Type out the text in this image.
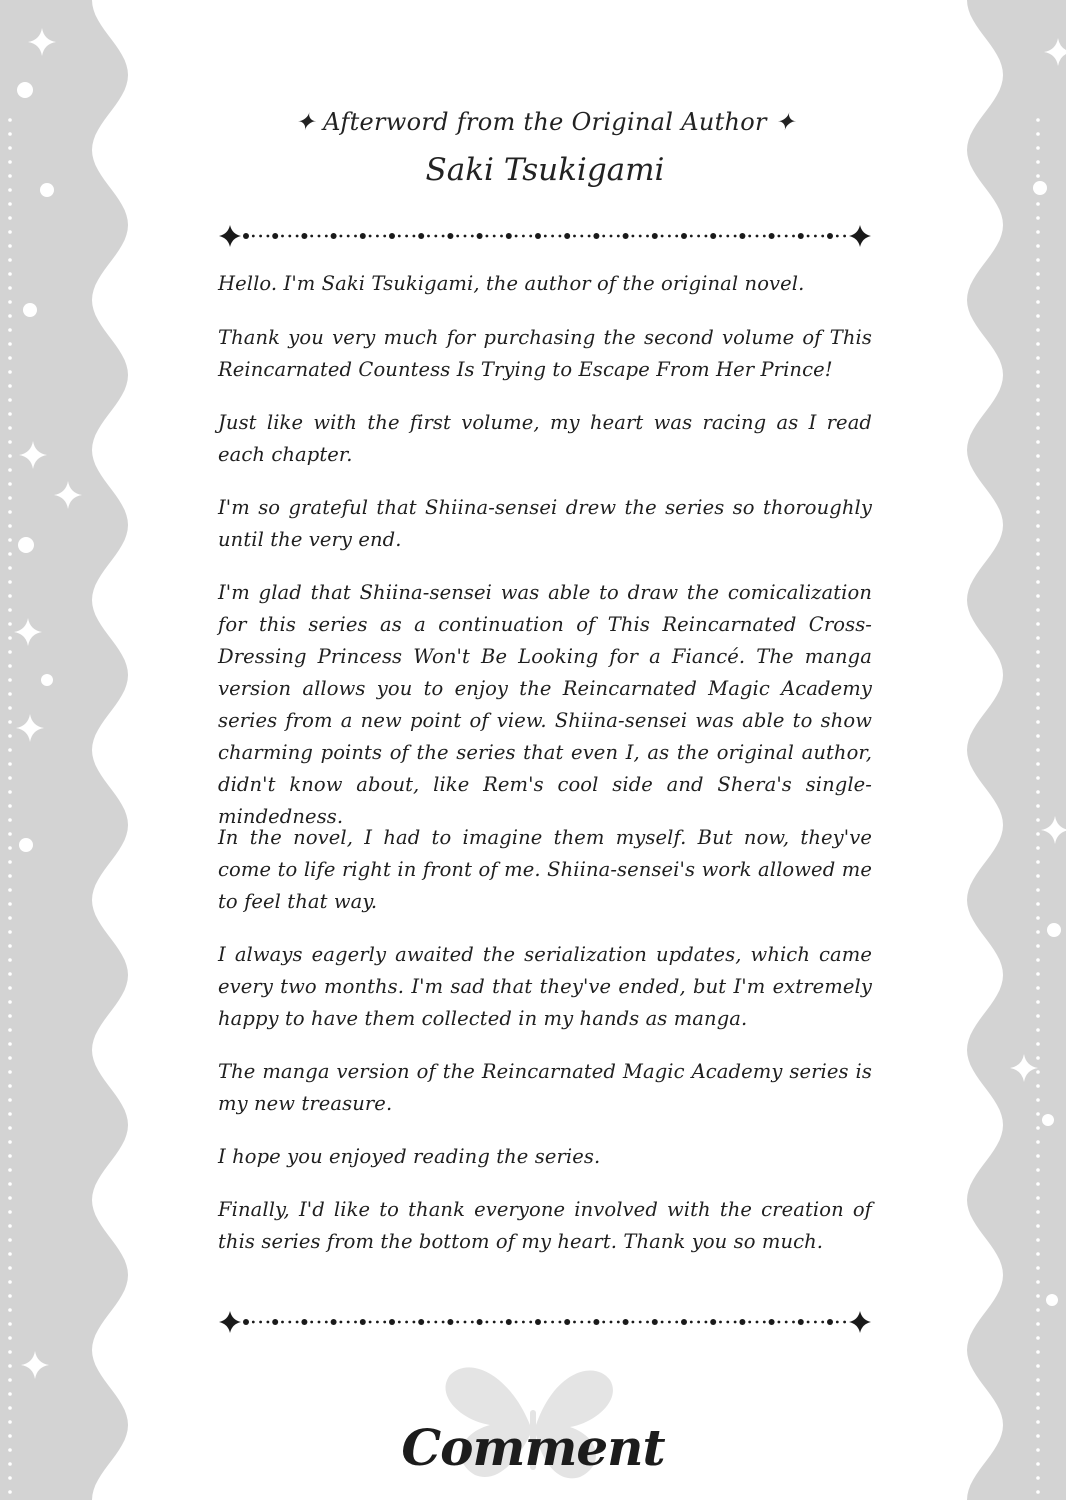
✦ Afterword from the Original Author ✦
Saki Tsukigami

Hello. I'm Saki Tsukigami, the author of the original novel.

Thank you very much for purchasing the second volume of This Reincarnated Countess Is Trying to Escape From Her Prince!

Just like with the first volume, my heart was racing as I read each chapter.

I'm so grateful that Shiina-sensei drew the series so thoroughly until the very end.

I'm glad that Shiina-sensei was able to draw the comicalization for this series as a continuation of This Reincarnated Cross-Dressing Princess Won't Be Looking for a Fiancé. The manga version allows you to enjoy the Reincarnated Magic Academy series from a new point of view. Shiina-sensei was able to show charming points of the series that even I, as the original author, didn't know about, like Rem's cool side and Shera's single-mindedness.

In the novel, I had to imagine them myself. But now, they've come to life right in front of me. Shiina-sensei's work allowed me to feel that way.

I always eagerly awaited the serialization updates, which came every two months. I'm sad that they've ended, but I'm extremely happy to have them collected in my hands as manga.

The manga version of the Reincarnated Magic Academy series is my new treasure.

I hope you enjoyed reading the series.

Finally, I'd like to thank everyone involved with the creation of this series from the bottom of my heart. Thank you so much.

Comment
